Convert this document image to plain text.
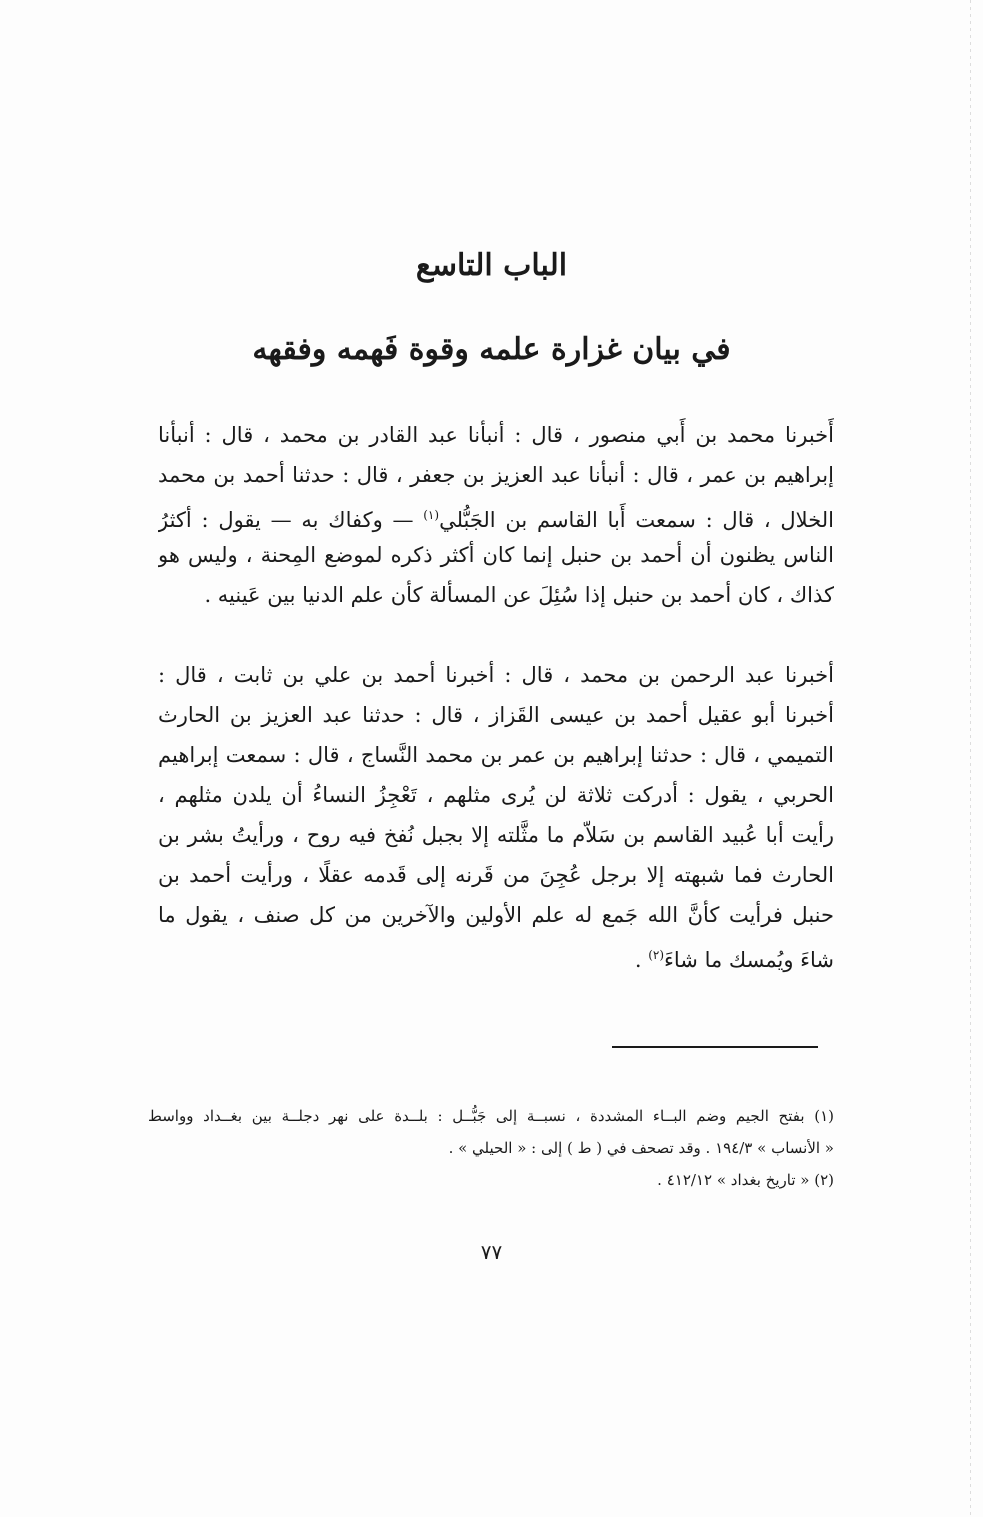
الباب التاسع
في بيان غزارة علمه وقوة فَهمه وفقهه
أَخبرنا محمد بن أَبي منصور ، قال : أنبأنا عبد القادر بن محمد ، قال : أنبأنا
إبراهيم بن عمر ، قال : أنبأنا عبد العزيز بن جعفر ، قال : حدثنا أحمد بن محمد
الخلال ، قال : سمعت أَبا القاسم بن الجَبُّلي$^{(١)}$ — وكفاك به — يقول : أكثرُ
الناس يظنون أن أحمد بن حنبل إنما كان أكثر ذكره لموضع المِحنة ، وليس هو
كذاك ، كان أحمد بن حنبل إذا سُئِلَ عن المسألة كأن علم الدنيا بين عَينيه .
أخبرنا عبد الرحمن بن محمد ، قال : أخبرنا أحمد بن علي بن ثابت ، قال :
أخبرنا أبو عقيل أحمد بن عيسى القَزاز ، قال : حدثنا عبد العزيز بن الحارث
التميمي ، قال : حدثنا إبراهيم بن عمر بن محمد النَّساج ، قال : سمعت إبراهيم
الحربي ، يقول : أدركت ثلاثة لن يُرى مثلهم ، تَعْجِزُ النساءُ أن يلدن مثلهم ،
رأيت أبا عُبيد القاسم بن سَلاّم ما مثَّلته إلا بجبل نُفخ فيه روح ، ورأيتُ بشر بن
الحارث فما شبهته إلا برجل عُجِنَ من قَرنه إلى قَدمه عقلًا ، ورأيت أحمد بن
حنبل فرأيت كأنَّ الله جَمع له علم الأولين والآخرين من كل صنف ، يقول ما
شاءَ ويُمسك ما شاءَ$^{(٢)}$ .
(١) بفتح الجيم وضم البــاء المشددة ، نسبــة إلى جَبُّــل : بلــدة على نهر دجلــة بين بغــداد وواسط
« الأنساب » ١٩٤/٣ . وقد تصحف في ( ط ) إلى : « الحيلي » .
(٢) « تاريخ بغداد » ٤١٢/١٢ .
٧٧
